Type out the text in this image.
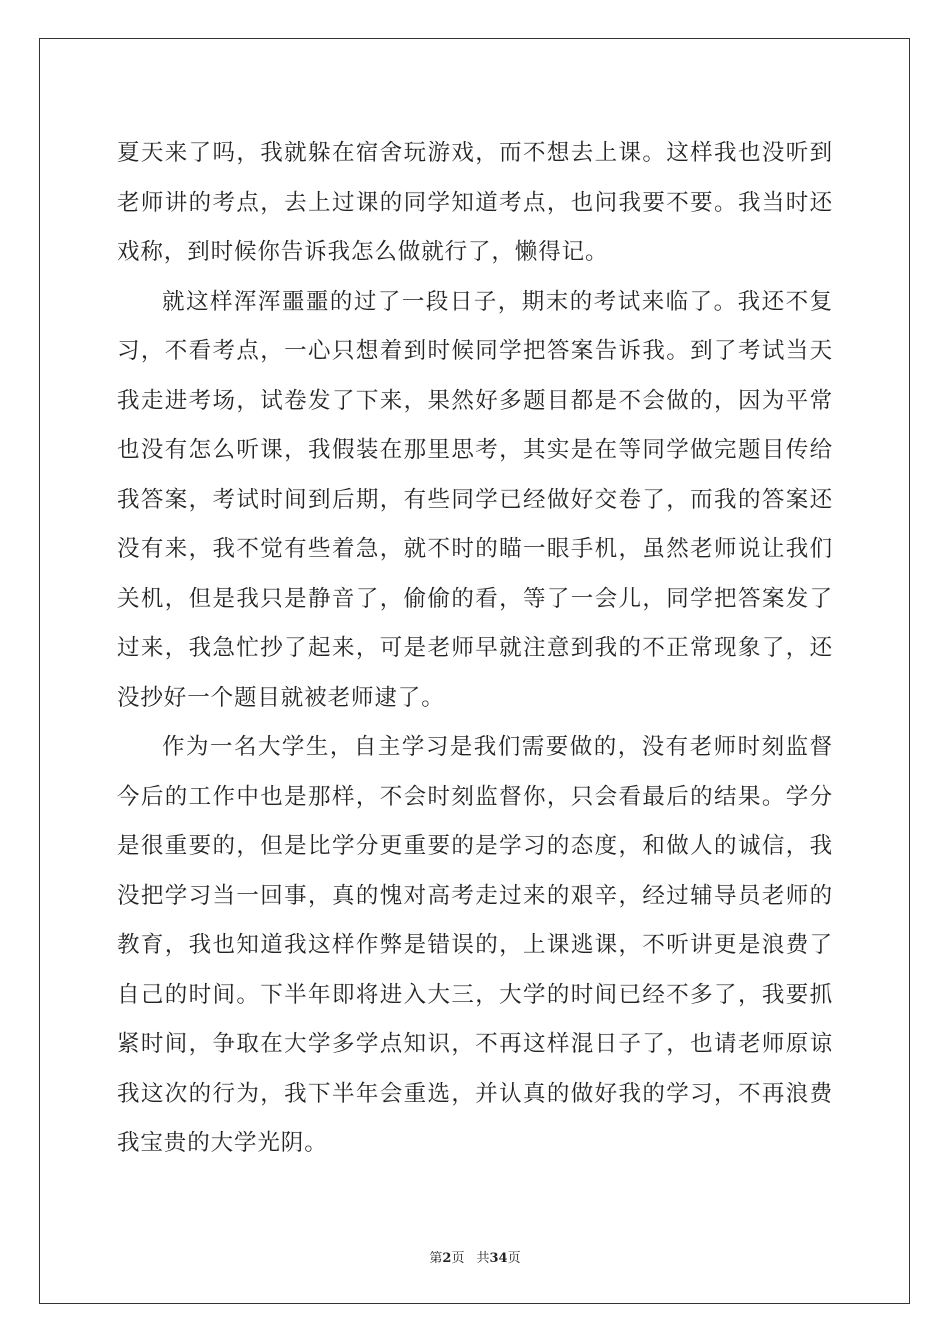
夏天来了吗，我就躲在宿舍玩游戏，而不想去上课。这样我也没听到
老师讲的考点，去上过课的同学知道考点，也问我要不要。我当时还
戏称，到时候你告诉我怎么做就行了，懒得记。
就这样浑浑噩噩的过了一段日子，期末的考试来临了。我还不复
习，不看考点，一心只想着到时候同学把答案告诉我。到了考试当天
我走进考场，试卷发了下来，果然好多题目都是不会做的，因为平常
也没有怎么听课，我假装在那里思考，其实是在等同学做完题目传给
我答案，考试时间到后期，有些同学已经做好交卷了，而我的答案还
没有来，我不觉有些着急，就不时的瞄一眼手机，虽然老师说让我们
关机，但是我只是静音了，偷偷的看，等了一会儿，同学把答案发了
过来，我急忙抄了起来，可是老师早就注意到我的不正常现象了，还
没抄好一个题目就被老师逮了。
作为一名大学生，自主学习是我们需要做的，没有老师时刻监督
今后的工作中也是那样，不会时刻监督你，只会看最后的结果。学分
是很重要的，但是比学分更重要的是学习的态度，和做人的诚信，我
没把学习当一回事，真的愧对高考走过来的艰辛，经过辅导员老师的
教育，我也知道我这样作弊是错误的，上课逃课，不听讲更是浪费了
自己的时间。下半年即将进入大三，大学的时间已经不多了，我要抓
紧时间，争取在大学多学点知识，不再这样混日子了，也请老师原谅
我这次的行为，我下半年会重选，并认真的做好我的学习，不再浪费
我宝贵的大学光阴。
第2页 共34页
